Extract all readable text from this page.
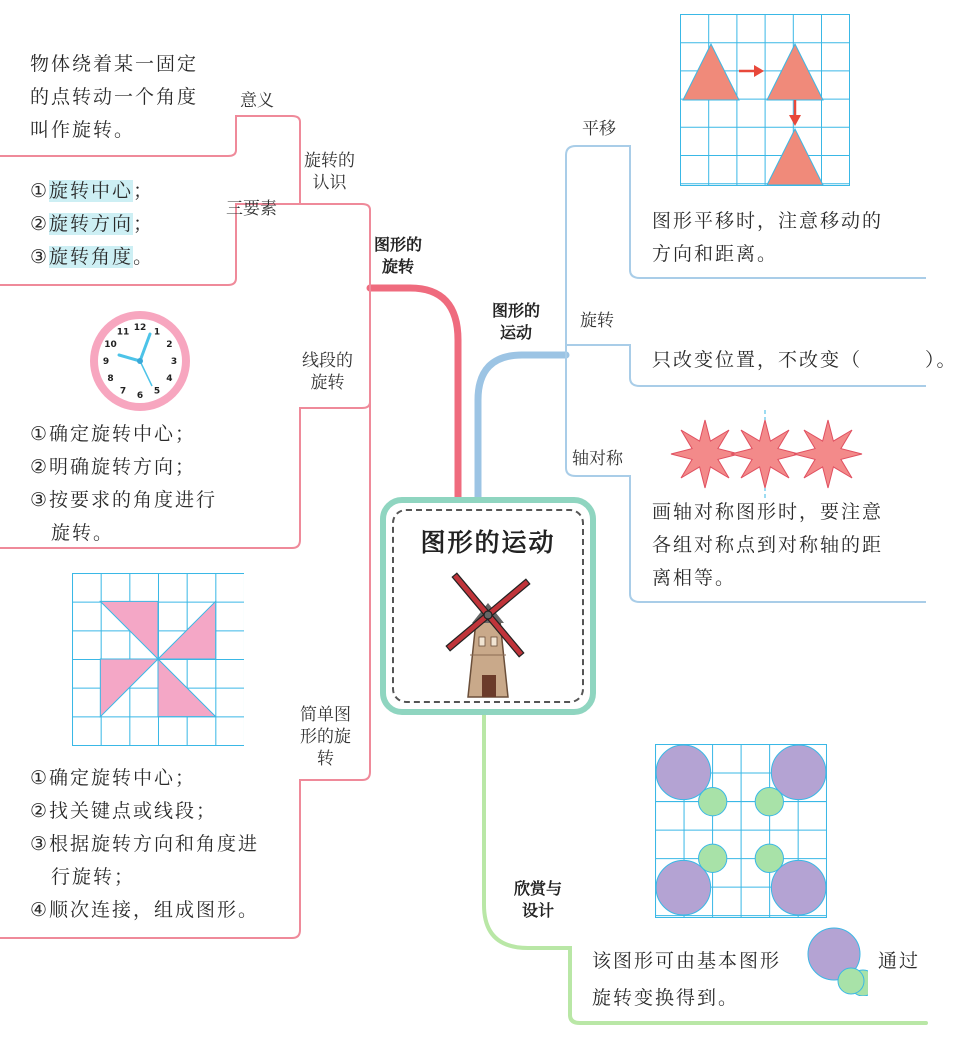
物体绕着某一固定
的点转动一个角度
叫作旋转。
意义
旋转的
认识
三要素
①旋转中心；
②旋转方向；
③旋转角度。
图形的
旋转
12 1
2
3
4
5
6
7
8
9
10
11
线段的
旋转
①确定旋转中心；
②明确旋转方向；
③按要求的角度进行
　旋转。
简单图
形的旋
转
①确定旋转中心；
②找关键点或线段；
③根据旋转方向和角度进
　行旋转；
④顺次连接，组成图形。
图形的运动
图形的
运动
平移
图形平移时，注意移动的
方向和距离。
旋转
只改变位置，不改变（　　　）。
轴对称
画轴对称图形时，要注意
各组对称点到对称轴的距
离相等。
欣赏与
设计
该图形可由基本图形	通过
旋转变换得到。
